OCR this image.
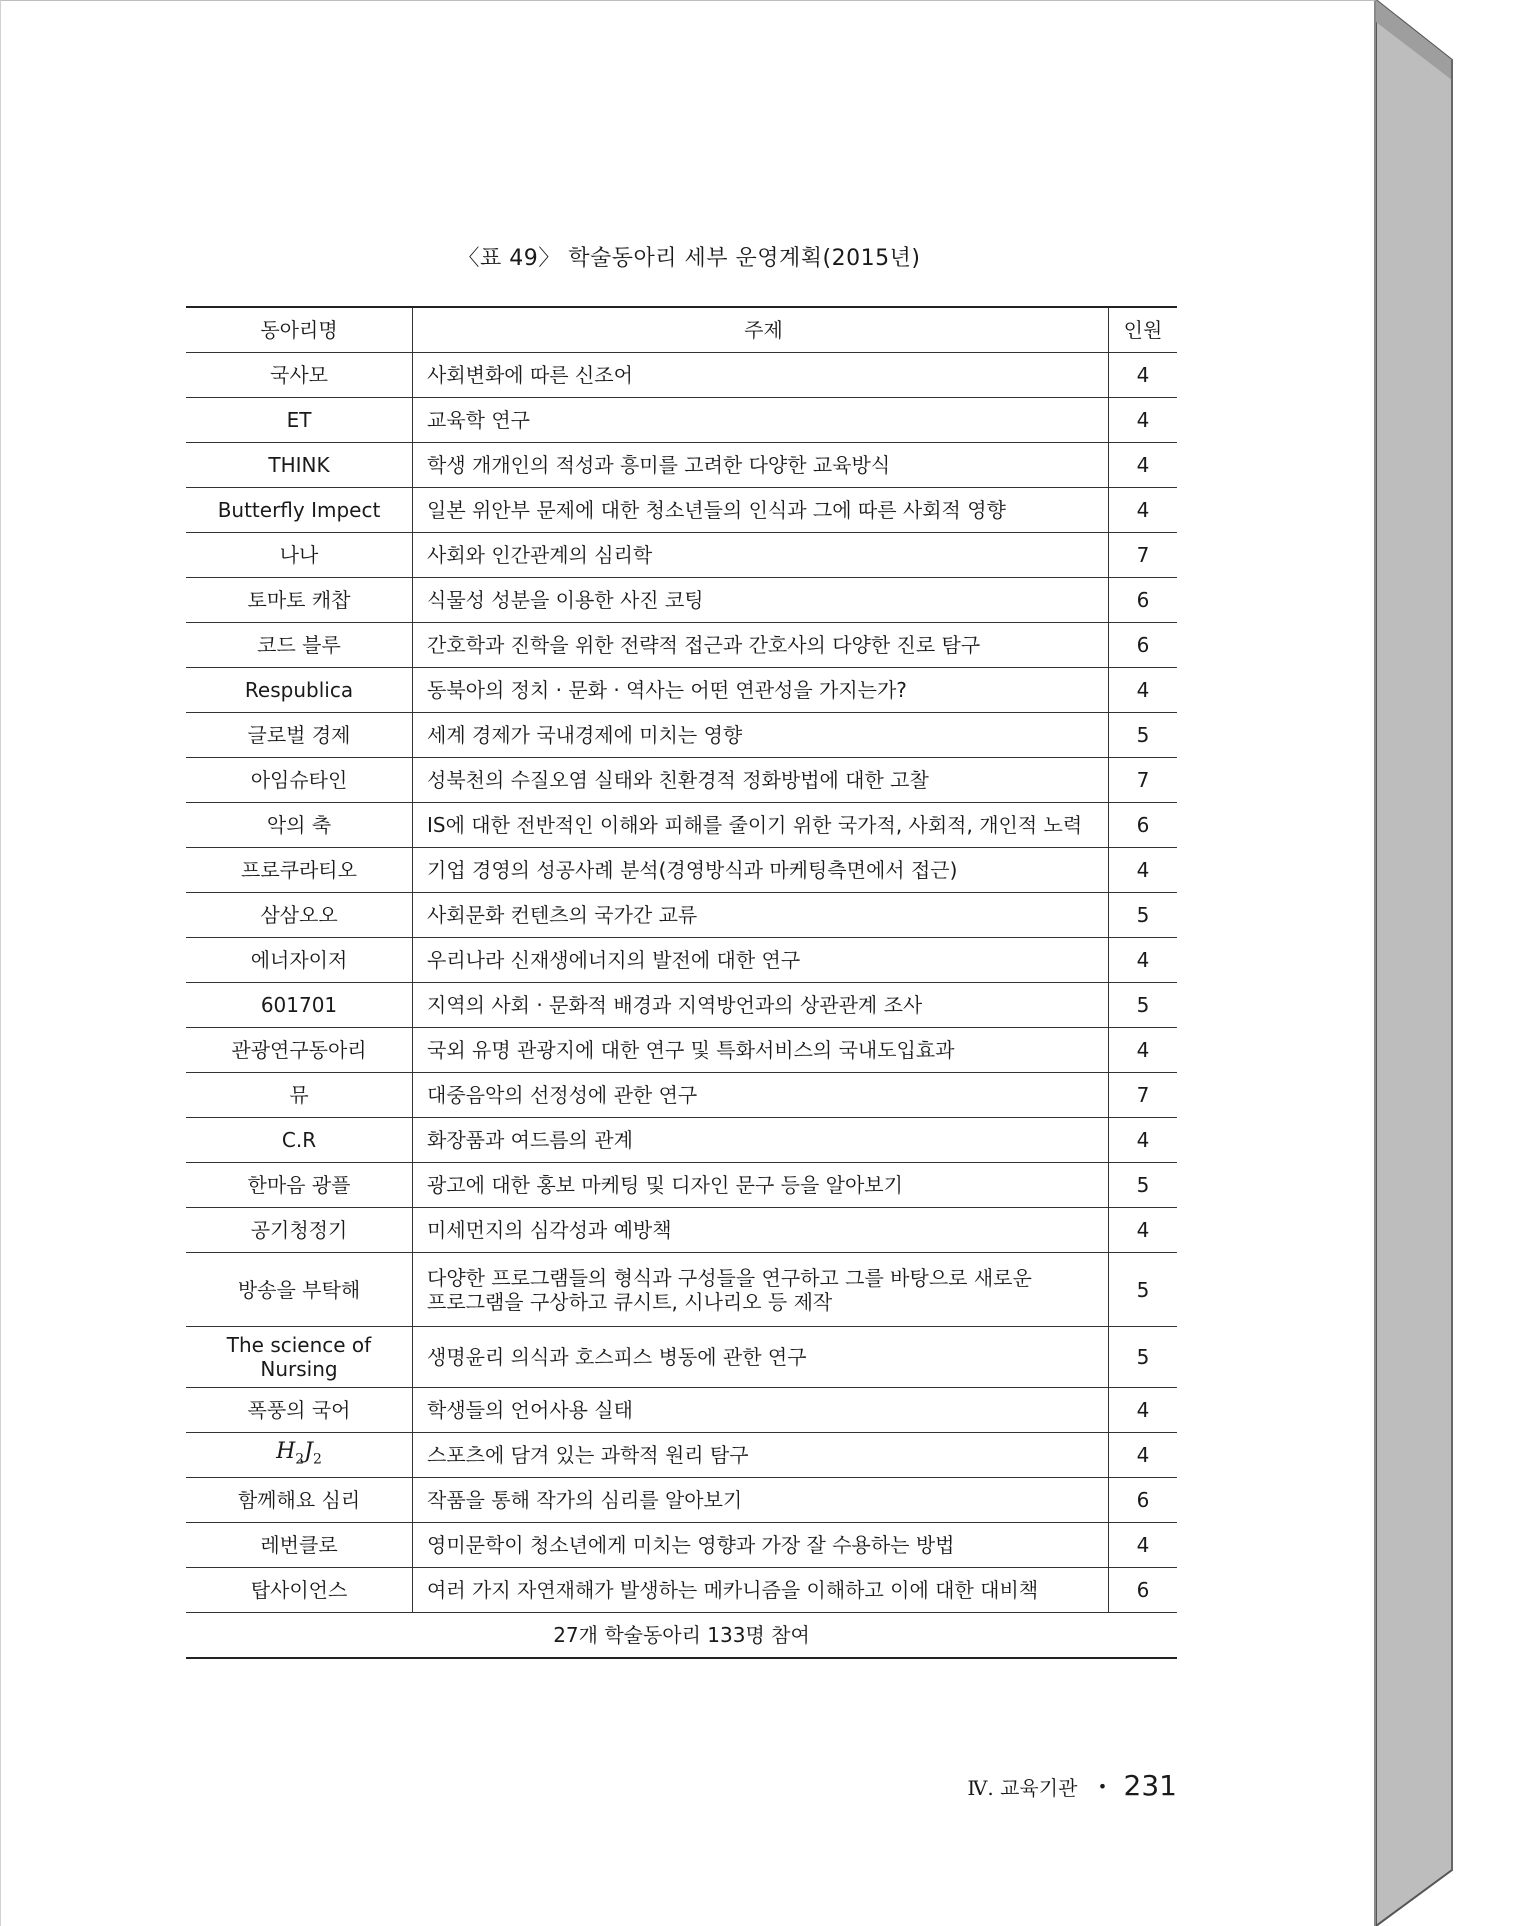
〈표 49〉 학술동아리 세부 운영계획(2015년)
동아리명	주제	인원
국사모	사회변화에 따른 신조어	4
ET	교육학 연구	4
THINK	학생 개개인의 적성과 흥미를 고려한 다양한 교육방식	4
Butterfly Impect	일본 위안부 문제에 대한 청소년들의 인식과 그에 따른 사회적 영향	4
나나	사회와 인간관계의 심리학	7
토마토 캐찹	식물성 성분을 이용한 사진 코팅	6
코드 블루	간호학과 진학을 위한 전략적 접근과 간호사의 다양한 진로 탐구	6
Respublica	동북아의 정치 · 문화 · 역사는 어떤 연관성을 가지는가?	4
글로벌 경제	세계 경제가 국내경제에 미치는 영향	5
아임슈타인	성북천의 수질오염 실태와 친환경적 정화방법에 대한 고찰	7
악의 축	IS에 대한 전반적인 이해와 피해를 줄이기 위한 국가적, 사회적, 개인적 노력	6
프로쿠라티오	기업 경영의 성공사례 분석(경영방식과 마케팅측면에서 접근)	4
삼삼오오	사회문화 컨텐츠의 국가간 교류	5
에너자이저	우리나라 신재생에너지의 발전에 대한 연구	4
601701	지역의 사회 · 문화적 배경과 지역방언과의 상관관계 조사	5
관광연구동아리	국외 유명 관광지에 대한 연구 및 특화서비스의 국내도입효과	4
뮤	대중음악의 선정성에 관한 연구	7
C.R	화장품과 여드름의 관계	4
한마음 광플	광고에 대한 홍보 마케팅 및 디자인 문구 등을 알아보기	5
공기청정기	미세먼지의 심각성과 예방책	4
방송을 부탁해	다양한 프로그램들의 형식과 구성들을 연구하고 그를 바탕으로 새로운
프로그램을 구상하고 큐시트, 시나리오 등 제작	5
The science of
Nursing	생명윤리 의식과 호스피스 병동에 관한 연구	5
폭풍의 국어	학생들의 언어사용 실태	4
$H_2J_2$	스포츠에 담겨 있는 과학적 원리 탐구	4
함께해요 심리	작품을 통해 작가의 심리를 알아보기	6
레번클로	영미문학이 청소년에게 미치는 영향과 가장 잘 수용하는 방법	4
탑사이언스	여러 가지 자연재해가 발생하는 메카니즘을 이해하고 이에 대한 대비책	6
27개 학술동아리 133명 참여		
Ⅳ. 교육기관 • 231
